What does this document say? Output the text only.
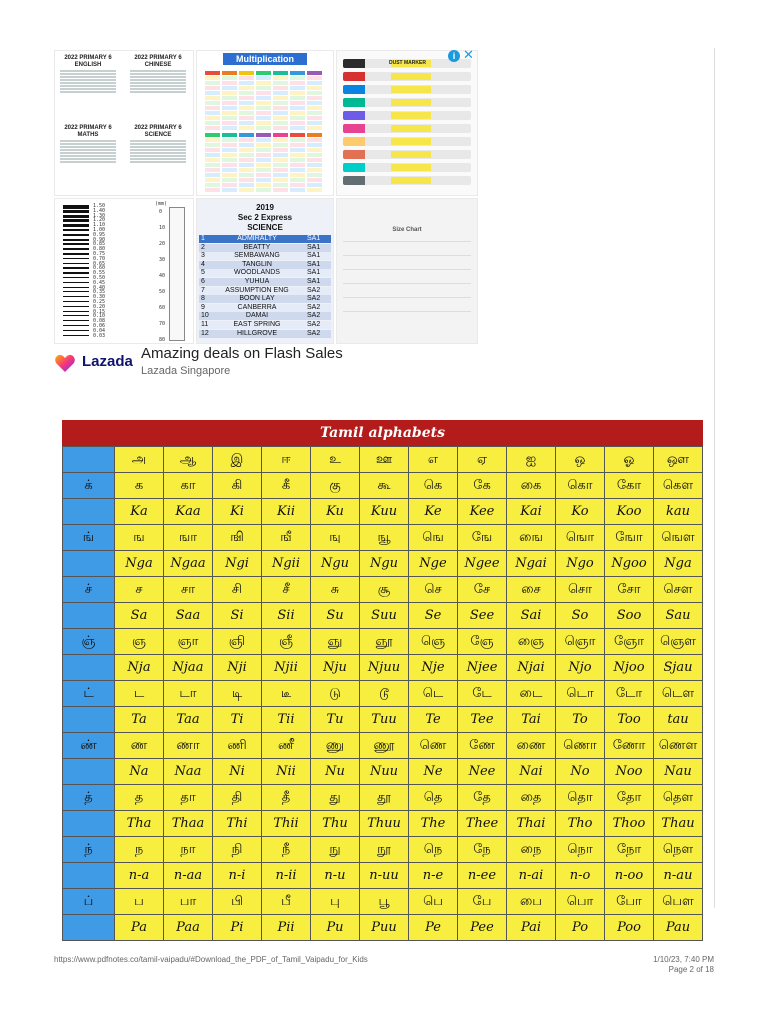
2022 PRIMARY 6
ENGLISH
2022 PRIMARY 6
CHINESE
2022 PRIMARY 6
MATHS
2022 PRIMARY 6
SCIENCE
Multiplication	DUST MARKER
1.50
1.40
1.30
1.20
1.10
1.00
0.95
0.90
0.85
0.80
0.75
0.70
0.65
0.60
0.55
0.50
0.45
0.40
0.35
0.30
0.25
0.20
0.15
0.10
0.08
0.06
0.04
0.03
(mm)
0
10
20
30
40
50
60
70
80
2019
Sec 2 Express
SCIENCE
1	ADMIRALTY	SA1
2	BEATTY	SA1
3	SEMBAWANG	SA1
4	TANGLIN	SA1
5	WOODLANDS	SA1
6	YUHUA	SA1
7	ASSUMPTION ENG	SA2
8	BOON LAY	SA2
9	CANBERRA	SA2
10	DAMAI	SA2
11	EAST SPRING	SA2
12	HILLGROVE	SA2
Size Chart
i ✕
Lazada Amazing deals on Flash Sales
Lazada Singapore
Tamil alphabets
	அ	ஆ	இ	ஈ	உ	ஊ	எ	ஏ	ஐ	ஒ	ஓ	ஔ
க்	க	கா	கி	கீ	கு	கூ	கெ	கே	கை	கொ	கோ	கௌ
	Ka	Kaa	Ki	Kii	Ku	Kuu	Ke	Kee	Kai	Ko	Koo	kau
ங்	ங	ஙா	ஙி	ஙீ	ஙு	ஙூ	ஙெ	ஙே	ஙை	ஙொ	ஙோ	ஙௌ
	Nga	Ngaa	Ngi	Ngii	Ngu	Ngu	Nge	Ngee	Ngai	Ngo	Ngoo	Nga
ச்	ச	சா	சி	சீ	சு	சூ	செ	சே	சை	சொ	சோ	சௌ
	Sa	Saa	Si	Sii	Su	Suu	Se	See	Sai	So	Soo	Sau
ஞ்	ஞ	ஞா	ஞி	ஞீ	ஞு	ஞூ	ஞெ	ஞே	ஞை	ஞொ	ஞோ	ஞௌ
	Nja	Njaa	Nji	Njii	Nju	Njuu	Nje	Njee	Njai	Njo	Njoo	Sjau
ட்	ட	டா	டி	டீ	டு	டூ	டெ	டே	டை	டொ	டோ	டௌ
	Ta	Taa	Ti	Tii	Tu	Tuu	Te	Tee	Tai	To	Too	tau
ண்	ண	ணா	ணி	ணீ	ணு	ணூ	ணெ	ணே	ணை	ணொ	ணோ	ணௌ
	Na	Naa	Ni	Nii	Nu	Nuu	Ne	Nee	Nai	No	Noo	Nau
த்	த	தா	தி	தீ	து	தூ	தெ	தே	தை	தொ	தோ	தௌ
	Tha	Thaa	Thi	Thii	Thu	Thuu	The	Thee	Thai	Tho	Thoo	Thau
ந்	ந	நா	நி	நீ	நு	நூ	நெ	நே	நை	நொ	நோ	நௌ
	n-a	n-aa	n-i	n-ii	n-u	n-uu	n-e	n-ee	n-ai	n-o	n-oo	n-au
ப்	ப	பா	பி	பீ	பு	பூ	பெ	பே	பை	பொ	போ	பௌ
	Pa	Paa	Pi	Pii	Pu	Puu	Pe	Pee	Pai	Po	Poo	Pau
https://www.pdfnotes.co/tamil-vaipadu/#Download_the_PDF_of_Tamil_Vaipadu_for_Kids	1/10/23, 7:40 PM
Page 2 of 18
